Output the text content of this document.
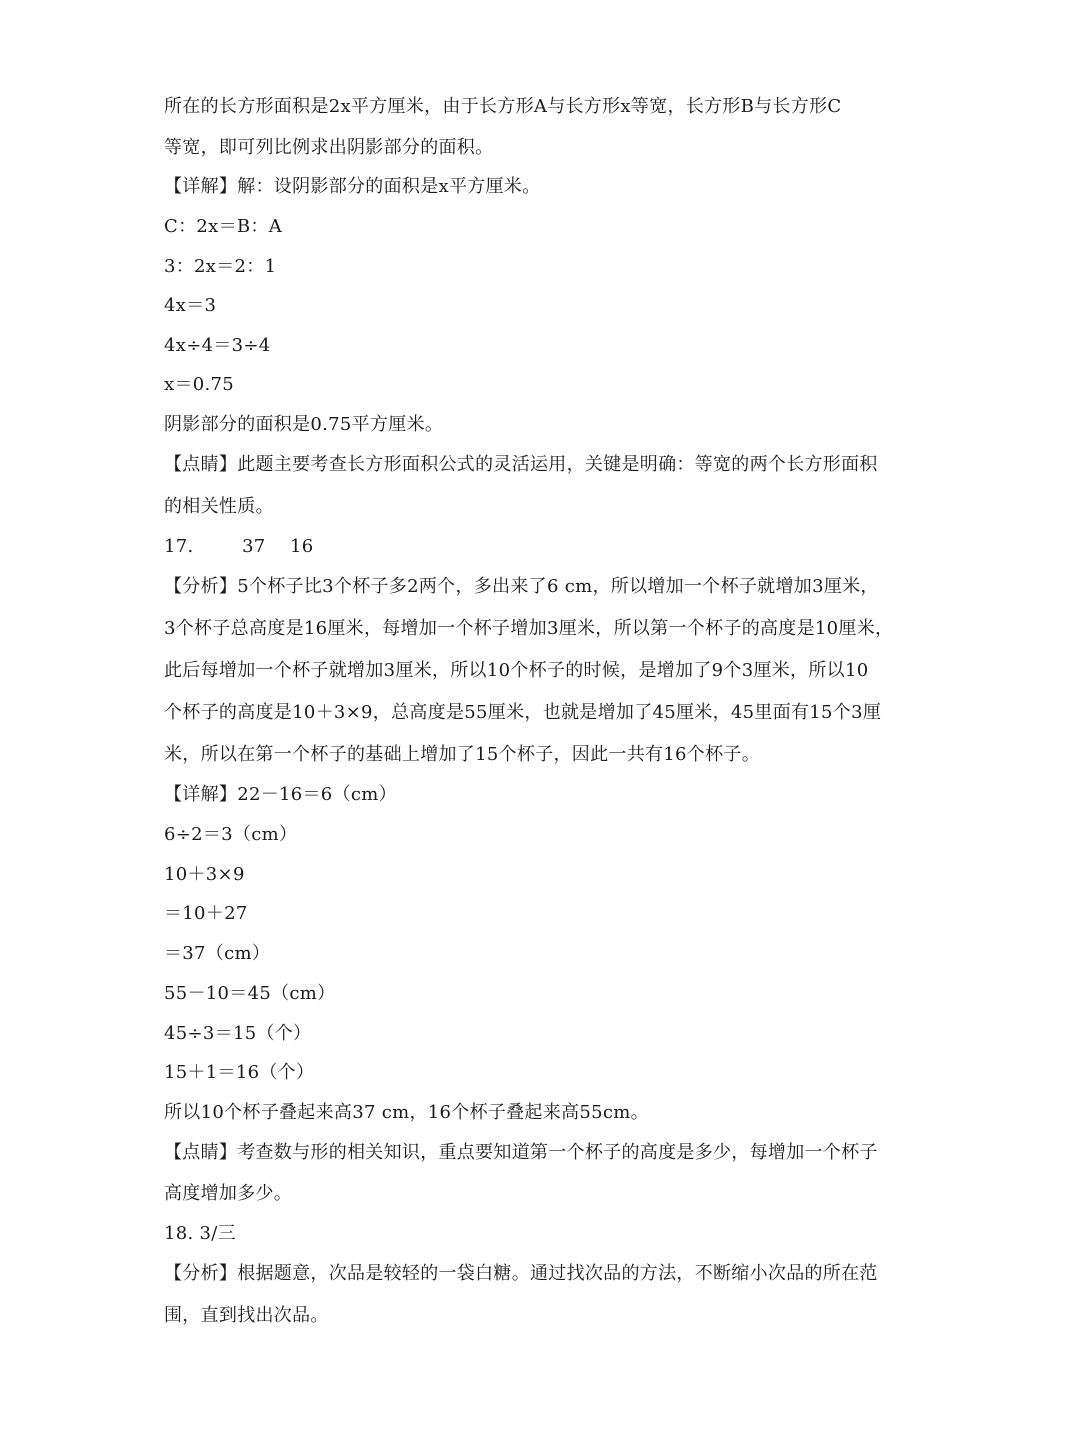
所在的长方形面积是2x平方厘米，由于长方形A与长方形x等宽，长方形B与长方形C
等宽，即可列比例求出阴影部分的面积。
【详解】解：设阴影部分的面积是x平方厘米。
C：2x＝B：A
3：2x＝2：1
4x＝3
4x÷4＝3÷4
x＝0.75
阴影部分的面积是0.75平方厘米。
【点睛】此题主要考查长方形面积公式的灵活运用，关键是明确：等宽的两个长方形面积
的相关性质。
17.	37 16
【分析】5个杯子比3个杯子多2两个，多出来了6 cm，所以增加一个杯子就增加3厘米，
3个杯子总高度是16厘米，每增加一个杯子增加3厘米，所以第一个杯子的高度是10厘米，
此后每增加一个杯子就增加3厘米，所以10个杯子的时候，是增加了9个3厘米，所以10
个杯子的高度是10＋3×9，总高度是55厘米，也就是增加了45厘米，45里面有15个3厘
米，所以在第一个杯子的基础上增加了15个杯子，因此一共有16个杯子。
【详解】22－16＝6（cm）
6÷2＝3（cm）
10＋3×9
＝10＋27
＝37（cm）
55－10＝45（cm）
45÷3＝15（个）
15＋1＝16（个）
所以10个杯子叠起来高37 cm，16个杯子叠起来高55cm。
【点睛】考查数与形的相关知识，重点要知道第一个杯子的高度是多少，每增加一个杯子
高度增加多少。
18. 3/三
【分析】根据题意，次品是较轻的一袋白糖。通过找次品的方法，不断缩小次品的所在范
围，直到找出次品。
